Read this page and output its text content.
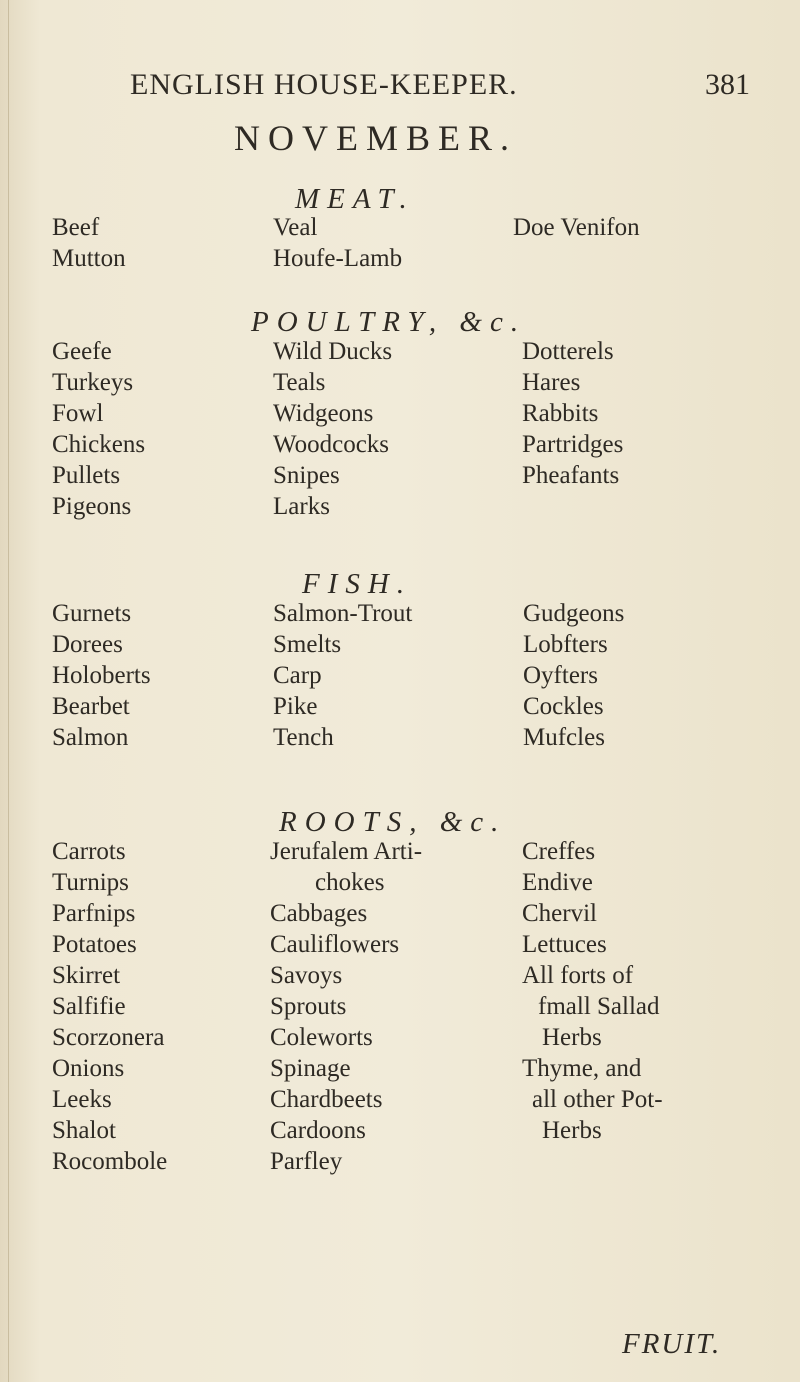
ENGLISH HOUSE-KEEPER.	381
NOVEMBER.
MEAT.
Beef
Mutton
Veal
Houfe-Lamb
Doe Venifon
POULTRY, &c.
Geefe
Turkeys
Fowl
Chickens
Pullets
Pigeons
Wild Ducks
Teals
Widgeons
Woodcocks
Snipes
Larks
Dotterels
Hares
Rabbits
Partridges
Pheafants
FISH.
Gurnets
Dorees
Holoberts
Bearbet
Salmon
Salmon-Trout
Smelts
Carp
Pike
Tench
Gudgeons
Lobfters
Oyfters
Cockles
Mufcles
ROOTS, &c.
Carrots
Turnips
Parfnips
Potatoes
Skirret
Salfifie
Scorzonera
Onions
Leeks
Shalot
Rocombole
Jerufalem Arti-
chokes
Cabbages
Cauliflowers
Savoys
Sprouts
Coleworts
Spinage
Chardbeets
Cardoons
Parfley
Creffes
Endive
Chervil
Lettuces
All forts of
fmall Sallad
Herbs
Thyme, and
all other Pot-
Herbs
FRUIT.
